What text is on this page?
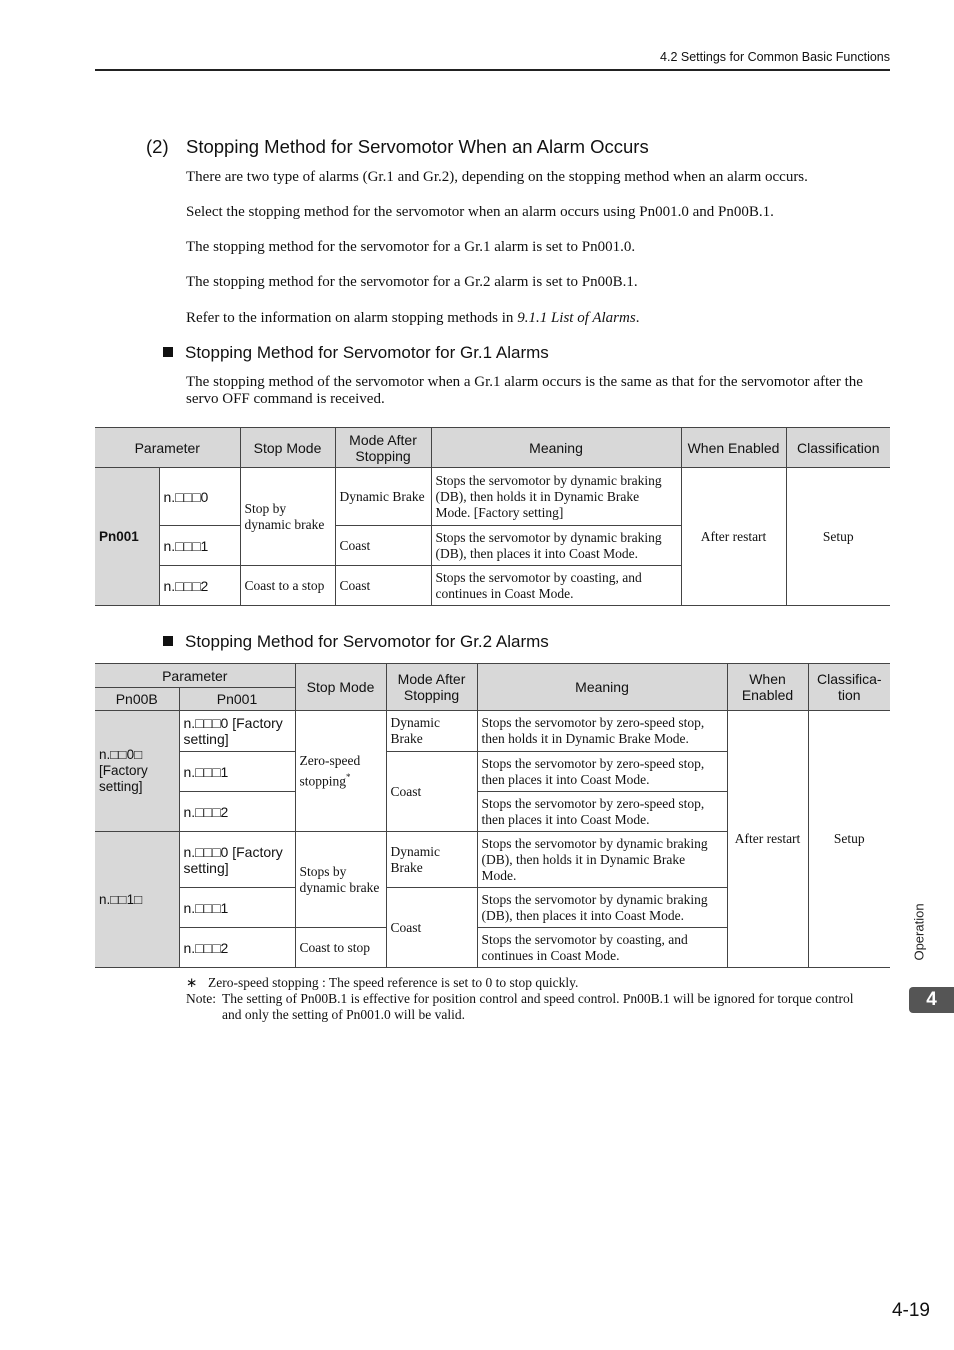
4.2 Settings for Common Basic Functions
(2) Stopping Method for Servomotor When an Alarm Occurs
There are two type of alarms (Gr.1 and Gr.2), depending on the stopping method when an alarm occurs.
Select the stopping method for the servomotor when an alarm occurs using Pn001.0 and Pn00B.1.
The stopping method for the servomotor for a Gr.1 alarm is set to Pn001.0.
The stopping method for the servomotor for a Gr.2 alarm is set to Pn00B.1.
Refer to the information on alarm stopping methods in 9.1.1 List of Alarms.
Stopping Method for Servomotor for Gr.1 Alarms
The stopping method of the servomotor when a Gr.1 alarm occurs is the same as that for the servomotor after the servo OFF command is received.
Parameter		Stop Mode	Mode After Stopping	Meaning	When Enabled	Classification
Pn001	n.□□□0	Stop by dynamic brake	Dynamic Brake	Stops the servomotor by dynamic braking (DB), then holds it in Dynamic Brake Mode. [Factory setting]	After restart	Setup
	n.□□□1		Coast	Stops the servomotor by dynamic braking (DB), then places it into Coast Mode.		
	n.□□□2	Coast to a stop	Coast	Stops the servomotor by coasting, and continues in Coast Mode.		
Stopping Method for Servomotor for Gr.2 Alarms
Parameter		Stop Mode	Mode After Stopping	Meaning	When Enabled	Classifica-tion
Pn00B	Pn001					
n.□□0□ [Factory setting]	n.□□□0 [Factory setting]	Zero-speed stopping*	Dynamic Brake	Stops the servomotor by zero-speed stop, then holds it in Dynamic Brake Mode.	After restart	Setup
	n.□□□1		Coast	Stops the servomotor by zero-speed stop, then places it into Coast Mode.		
	n.□□□2			Stops the servomotor by zero-speed stop, then places it into Coast Mode.		
n.□□1□	n.□□□0 [Factory setting]	Stops by dynamic brake	Dynamic Brake	Stops the servomotor by dynamic braking (DB), then holds it in Dynamic Brake Mode.		
	n.□□□1		Coast	Stops the servomotor by dynamic braking (DB), then places it into Coast Mode.		
	n.□□□2	Coast to stop		Stops the servomotor by coasting, and continues in Coast Mode.		
∗ Zero-speed stopping : The speed reference is set to 0 to stop quickly.
Note: The setting of Pn00B.1 is effective for position control and speed control. Pn00B.1 will be ignored for torque control
and only the setting of Pn001.0 will be valid.
Operation
4
4-19
